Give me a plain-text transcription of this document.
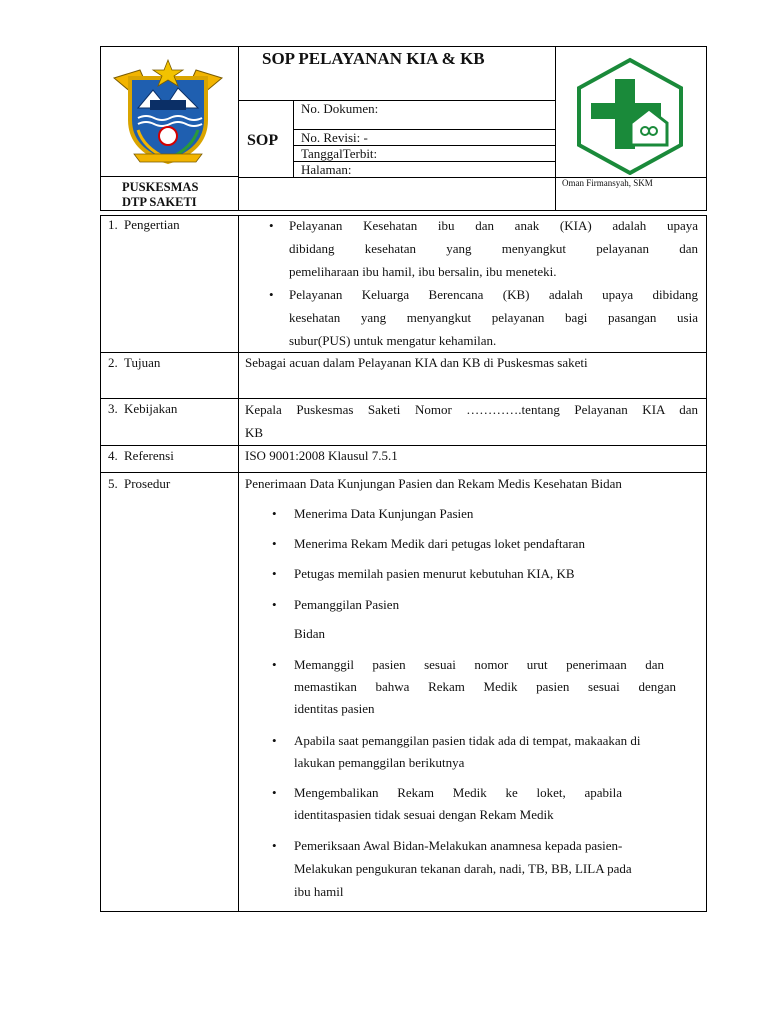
SOP PELAYANAN KIA & KB
SOP
No. Dokumen:
No. Revisi: -
TanggalTerbit:
Halaman:
PUSKESMAS
DTP SAKETI
Oman Firmansyah, SKM
1. Pengertian	• Pelayanan Kesehatan ibu dan anak (KIA) adalah upaya
dibidang kesehatan yang menyangkut pelayanan dan
pemeliharaan ibu hamil, ibu bersalin, ibu meneteki.
• Pelayanan Keluarga Berencana (KB) adalah upaya dibidang
kesehatan yang menyangkut pelayanan bagi pasangan usia
subur(PUS) untuk mengatur kehamilan.
2. Tujuan	Sebagai acuan dalam Pelayanan KIA dan KB di Puskesmas saketi
3. Kebijakan	Kepala Puskesmas Saketi Nomor ………….tentang Pelayanan KIA dan
KB
4. Referensi	ISO 9001:2008 Klausul 7.5.1
5. Prosedur	Penerimaan Data Kunjungan Pasien dan Rekam Medis Kesehatan Bidan
• Menerima Data Kunjungan Pasien
• Menerima Rekam Medik dari petugas loket pendaftaran
• Petugas memilah pasien menurut kebutuhan KIA, KB
• Pemanggilan Pasien
Bidan
• Memanggil pasien sesuai nomor urut penerimaan dan
memastikan bahwa Rekam Medik pasien sesuai dengan
identitas pasien
• Apabila saat pemanggilan pasien tidak ada di tempat, makaakan di
lakukan pemanggilan berikutnya
• Mengembalikan Rekam Medik ke loket, apabila
identitaspasien tidak sesuai dengan Rekam Medik
• Pemeriksaan Awal Bidan-Melakukan anamnesa kepada pasien-
Melakukan pengukuran tekanan darah, nadi, TB, BB, LILA pada
ibu hamil
